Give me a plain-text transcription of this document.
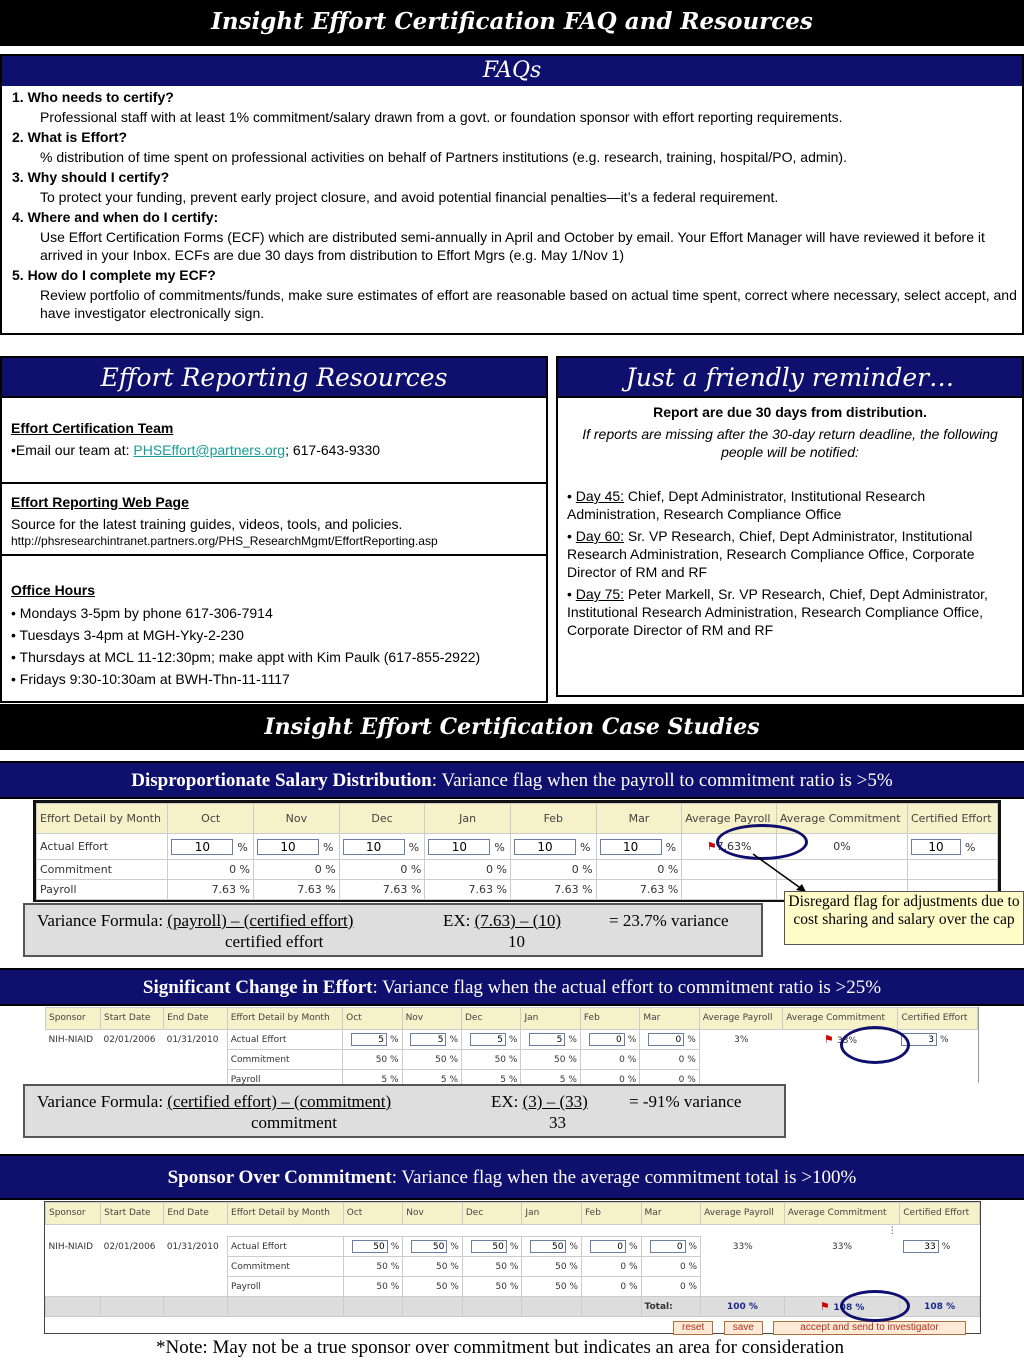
Insight Effort Certification FAQ and Resources
FAQs
1. Who needs to certify?
Professional staff with at least 1% commitment/salary drawn from a govt. or foundation sponsor with effort reporting requirements.
2. What is Effort?
% distribution of time spent on professional activities on behalf of Partners institutions (e.g. research, training, hospital/PO, admin).
3. Why should I certify?
To protect your funding, prevent early project closure, and avoid potential financial penalties—it’s a federal requirement.
4. Where and when do I certify:
Use Effort Certification Forms (ECF) which are distributed semi-annually in April and October by email. Your Effort Manager will have reviewed it before it arrived in your Inbox. ECFs are due 30 days from distribution to Effort Mgrs (e.g. May 1/Nov 1)
5. How do I complete my ECF?
Review portfolio of commitments/funds, make sure estimates of effort are reasonable based on actual time spent, correct where necessary, select accept, and have investigator electronically sign.
Effort Reporting Resources
Effort Certification Team
•Email our team at: PHSEffort@partners.org; 617-643-9330
Effort Reporting Web Page
Source for the latest training guides, videos, tools, and policies.
http://phsresearchintranet.partners.org/PHS_ResearchMgmt/EffortReporting.asp
Office Hours
• Mondays 3-5pm by phone 617-306-7914
• Tuesdays 3-4pm at MGH-Yky-2-230
• Thursdays at MCL 11-12:30pm; make appt with Kim Paulk (617-855-2922)
• Fridays 9:30-10:30am at BWH-Thn-11-1117
Just a friendly reminder…
Report are due 30 days from distribution.
If reports are missing after the 30-day return deadline, the following people will be notified:
• Day 45: Chief, Dept Administrator, Institutional Research Administration, Research Compliance Office
• Day 60: Sr. VP Research, Chief, Dept Administrator, Institutional Research Administration, Research Compliance Office, Corporate Director of RM and RF
• Day 75: Peter Markell, Sr. VP Research, Chief, Dept Administrator, Institutional Research Administration, Research Compliance Office, Corporate Director of RM and RF
Insight Effort Certification Case Studies
Disproportionate Salary Distribution: Variance flag when the payroll to commitment ratio is >5%
Effort Detail by Month	Oct	Nov	Dec	Jan	Feb	Mar	Average Payroll	Average Commitment	Certified Effort
Actual Effort	10 %	10 %	10 %	10 %	10 %	10 %	⚑7.63%	0%	10 %
Commitment	0 %	0 %	0 %	0 %	0 %	0 %			
Payroll	7.63 %	7.63 %	7.63 %	7.63 %	7.63 %	7.63 %			
Variance Formula: (payroll) – (certified effort)
certified effort
EX: (7.63) – (10)
10
= 23.7% variance
Disregard flag for adjustments due to cost sharing and salary over the cap
Significant Change in Effort: Variance flag when the actual effort to commitment ratio is >25%
Sponsor	Start Date	End Date	Effort Detail by Month	Oct	Nov	Dec	Jan	Feb	Mar	Average Payroll	Average Commitment	Certified Effort
NIH-NIAID	02/01/2006	01/31/2010	Actual Effort	5 %	5 %	5 %	5 %	0 %	0 %	3%	⚑ 33%	3 %
			Commitment	50 %	50 %	50 %	50 %	0 %	0 %			
			Payroll	5 %	5 %	5 %	5 %	0 %	0 %			
Variance Formula: (certified effort) – (commitment)
commitment
EX: (3) – (33)
33
= -91% variance
Sponsor Over Commitment: Variance flag when the average commitment total is >100%
Sponsor	Start Date	End Date	Effort Detail by Month	Oct	Nov	Dec	Jan	Feb	Mar	Average Payroll	Average Commitment	Certified Effort
											⋮	
NIH-NIAID	02/01/2006	01/31/2010	Actual Effort	50 %	50 %	50 %	50 %	0 %	0 %	33%	33%	33 %
			Commitment	50 %	50 %	50 %	50 %	0 %	0 %			
			Payroll	50 %	50 %	50 %	50 %	0 %	0 %			
									Total:	100 %	⚑ 108 %	108 %
reset	save	accept and send to investigator
*Note: May not be a true sponsor over commitment but indicates an area for consideration
